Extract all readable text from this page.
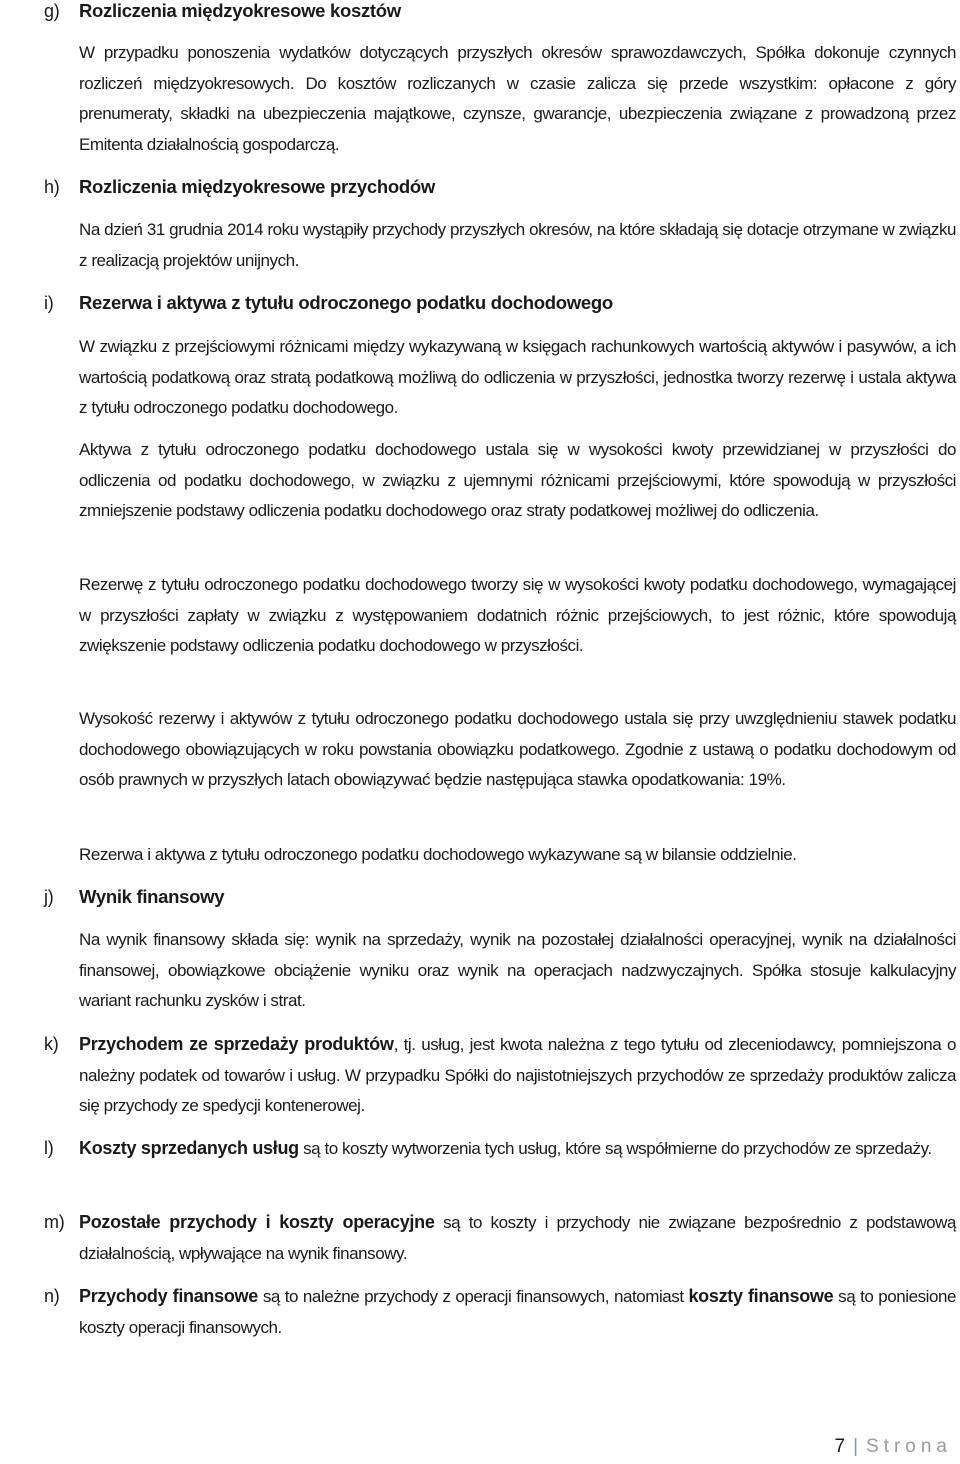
g) Rozliczenia międzyokresowe kosztów

W przypadku ponoszenia wydatków dotyczących przyszłych okresów sprawozdawczych, Spółka dokonuje czynnych rozliczeń międzyokresowych. Do kosztów rozliczanych w czasie zalicza się przede wszystkim: opłacone z góry prenumeraty, składki na ubezpieczenia majątkowe, czynsze, gwarancje, ubezpieczenia związane z prowadzoną przez Emitenta działalnością gospodarczą.

h) Rozliczenia międzyokresowe przychodów

Na dzień 31 grudnia 2014 roku wystąpiły przychody przyszłych okresów, na które składają się dotacje otrzymane w związku z realizacją projektów unijnych.

i) Rezerwa i aktywa z tytułu odroczonego podatku dochodowego

W związku z przejściowymi różnicami między wykazywaną w księgach rachunkowych wartością aktywów i pasywów, a ich wartością podatkową oraz stratą podatkową możliwą do odliczenia w przyszłości, jednostka tworzy rezerwę i ustala aktywa z tytułu odroczonego podatku dochodowego.

Aktywa z tytułu odroczonego podatku dochodowego ustala się w wysokości kwoty przewidzianej w przyszłości do odliczenia od podatku dochodowego, w związku z ujemnymi różnicami przejściowymi, które spowodują w przyszłości zmniejszenie podstawy odliczenia podatku dochodowego oraz straty podatkowej możliwej do odliczenia.

Rezerwę z tytułu odroczonego podatku dochodowego tworzy się w wysokości kwoty podatku dochodowego, wymagającej w przyszłości zapłaty w związku z występowaniem dodatnich różnic przejściowych, to jest różnic, które spowodują zwiększenie podstawy odliczenia podatku dochodowego w przyszłości.

Wysokość rezerwy i aktywów z tytułu odroczonego podatku dochodowego ustala się przy uwzględnieniu stawek podatku dochodowego obowiązujących w roku powstania obowiązku podatkowego. Zgodnie z ustawą o podatku dochodowym od osób prawnych w przyszłych latach obowiązywać będzie następująca stawka opodatkowania: 19%.

Rezerwa i aktywa z tytułu odroczonego podatku dochodowego wykazywane są w bilansie oddzielnie.

j) Wynik finansowy

Na wynik finansowy składa się: wynik na sprzedaży, wynik na pozostałej działalności operacyjnej, wynik na działalności finansowej, obowiązkowe obciążenie wyniku oraz wynik na operacjach nadzwyczajnych. Spółka stosuje kalkulacyjny wariant rachunku zysków i strat.

k) Przychodem ze sprzedaży produktów, tj. usług, jest kwota należna z tego tytułu od zleceniodawcy, pomniejszona o należny podatek od towarów i usług. W przypadku Spółki do najistotniejszych przychodów ze sprzedaży produktów zalicza się przychody ze spedycji kontenerowej.

l) Koszty sprzedanych usług są to koszty wytworzenia tych usług, które są współmierne do przychodów ze sprzedaży.

m) Pozostałe przychody i koszty operacyjne są to koszty i przychody nie związane bezpośrednio z podstawową działalnością, wpływające na wynik finansowy.

n) Przychody finansowe są to należne przychody z operacji finansowych, natomiast koszty finansowe są to poniesione koszty operacji finansowych.

7 | Strona
